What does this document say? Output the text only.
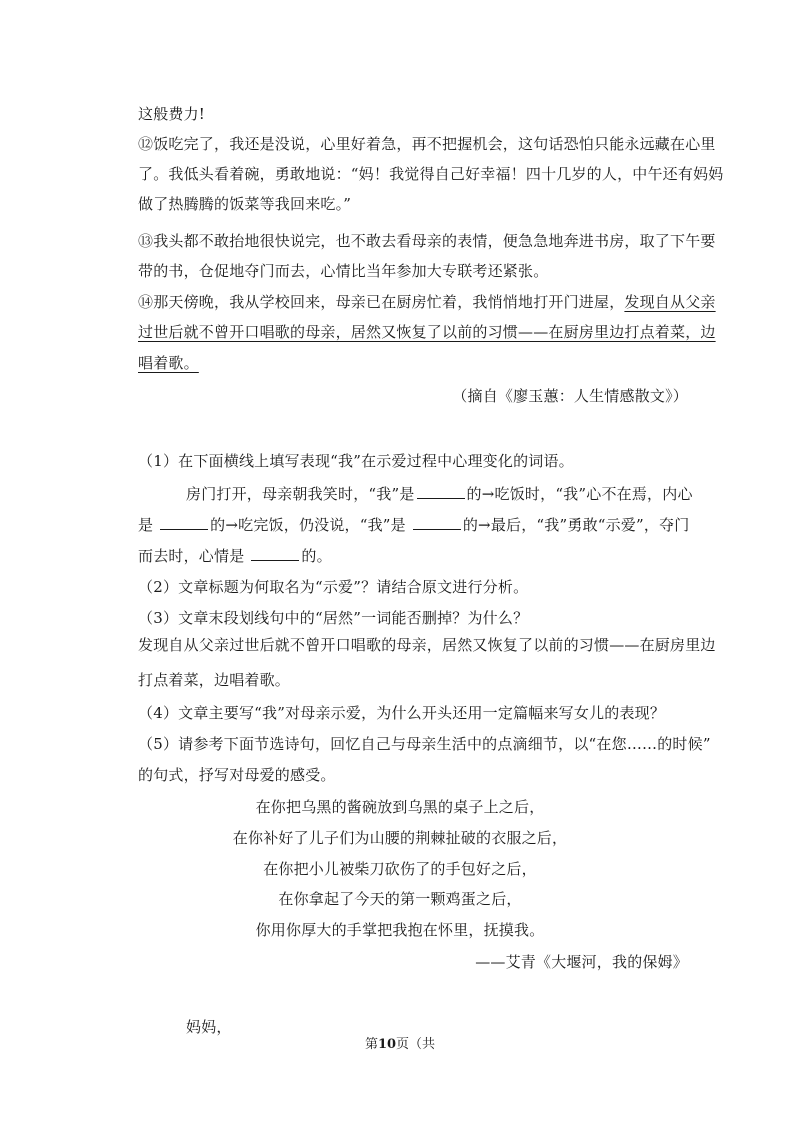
这般费力!
⑫饭吃完了，我还是没说，心里好着急，再不把握机会，这句话恐怕只能永远藏在心里
了。我低头看着碗，勇敢地说：“妈！我觉得自己好幸福！四十几岁的人，中午还有妈妈
做了热腾腾的饭菜等我回来吃。”
⑬我头都不敢抬地很快说完，也不敢去看母亲的表情，便急急地奔进书房，取了下午要
带的书，仓促地夺门而去，心情比当年参加大专联考还紧张。
⑭那天傍晚，我从学校回来，母亲已在厨房忙着，我悄悄地打开门进屋，发现自从父亲
过世后就不曾开口唱歌的母亲，居然又恢复了以前的习惯——在厨房里边打点着菜，边
唱着歌。
（摘自《廖玉蕙：人生情感散文》）
（1）在下面横线上填写表现“我”在示爱过程中心理变化的词语。
房门打开，母亲朝我笑时，“我”是	的→吃饭时，“我”心不在焉，内心
是	的→吃完饭，仍没说，“我”是	的→最后，“我”勇敢“示爱”，夺门
而去时，心情是	的。
（2）文章标题为何取名为“示爱”？请结合原文进行分析。
（3）文章末段划线句中的“居然”一词能否删掉？为什么？
发现自从父亲过世后就不曾开口唱歌的母亲，居然又恢复了以前的习惯——在厨房里边
打点着菜，边唱着歌。
（4）文章主要写“我”对母亲示爱，为什么开头还用一定篇幅来写女儿的表现？
（5）请参考下面节选诗句，回忆自己与母亲生活中的点滴细节，以“在您……的时候”
的句式，抒写对母爱的感受。
在你把乌黑的酱碗放到乌黑的桌子上之后，
在你补好了儿子们为山腰的荆棘扯破的衣服之后，
在你把小儿被柴刀砍伤了的手包好之后，
在你拿起了今天的第一颗鸡蛋之后，
你用你厚大的手掌把我抱在怀里，抚摸我。
——艾青《大堰河，我的保姆》
妈妈，
第10页（共
